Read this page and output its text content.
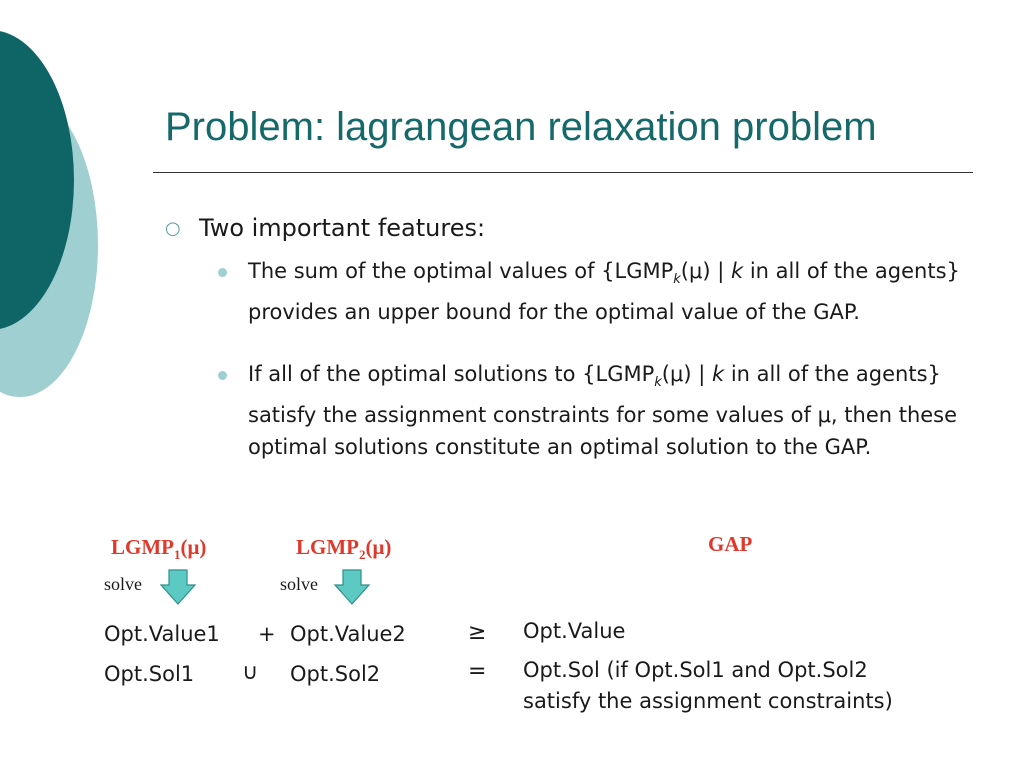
Problem: lagrangean relaxation problem
○ Two important features:
The sum of the optimal values of {$LGMP_k(\mu)$ | k in all of the agents} provides an upper bound for the optimal value of the GAP.
If all of the optimal solutions to {$LGMP_k(\mu)$ | k in all of the agents} satisfy the assignment constraints for some values of μ, then these optimal solutions constitute an optimal solution to the GAP.
$LGMP_1(\mu)$	$LGMP_2(\mu)$	GAP
solve	solve
Opt.Value1 + Opt.Value2	≥ Opt.Value
Opt.Sol1 ∪ Opt.Sol2	= Opt.Sol (if Opt.Sol1 and Opt.Sol2
satisfy the assignment constraints)
